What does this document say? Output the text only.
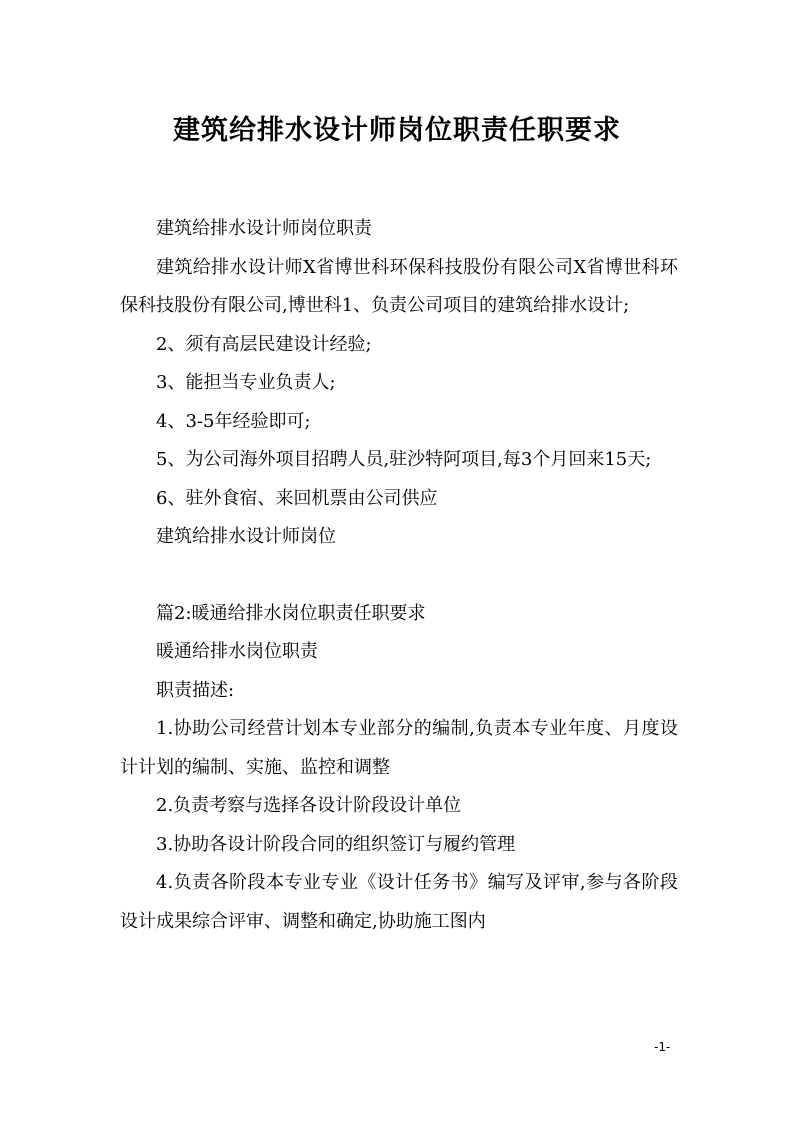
建筑给排水设计师岗位职责任职要求

建筑给排水设计师岗位职责

建筑给排水设计师X省博世科环保科技股份有限公司X省博世科环保科技股份有限公司,博世科1、负责公司项目的建筑给排水设计;

2、须有高层民建设计经验;

3、能担当专业负责人;

4、3-5年经验即可;

5、为公司海外项目招聘人员,驻沙特阿项目,每3个月回来15天;

6、驻外食宿、来回机票由公司供应

建筑给排水设计师岗位

篇2:暖通给排水岗位职责任职要求

暖通给排水岗位职责

职责描述:

1.协助公司经营计划本专业部分的编制,负责本专业年度、月度设计计划的编制、实施、监控和调整

2.负责考察与选择各设计阶段设计单位

3.协助各设计阶段合同的组织签订与履约管理

4.负责各阶段本专业专业《设计任务书》编写及评审,参与各阶段设计成果综合评审、调整和确定,协助施工图内

-1-
